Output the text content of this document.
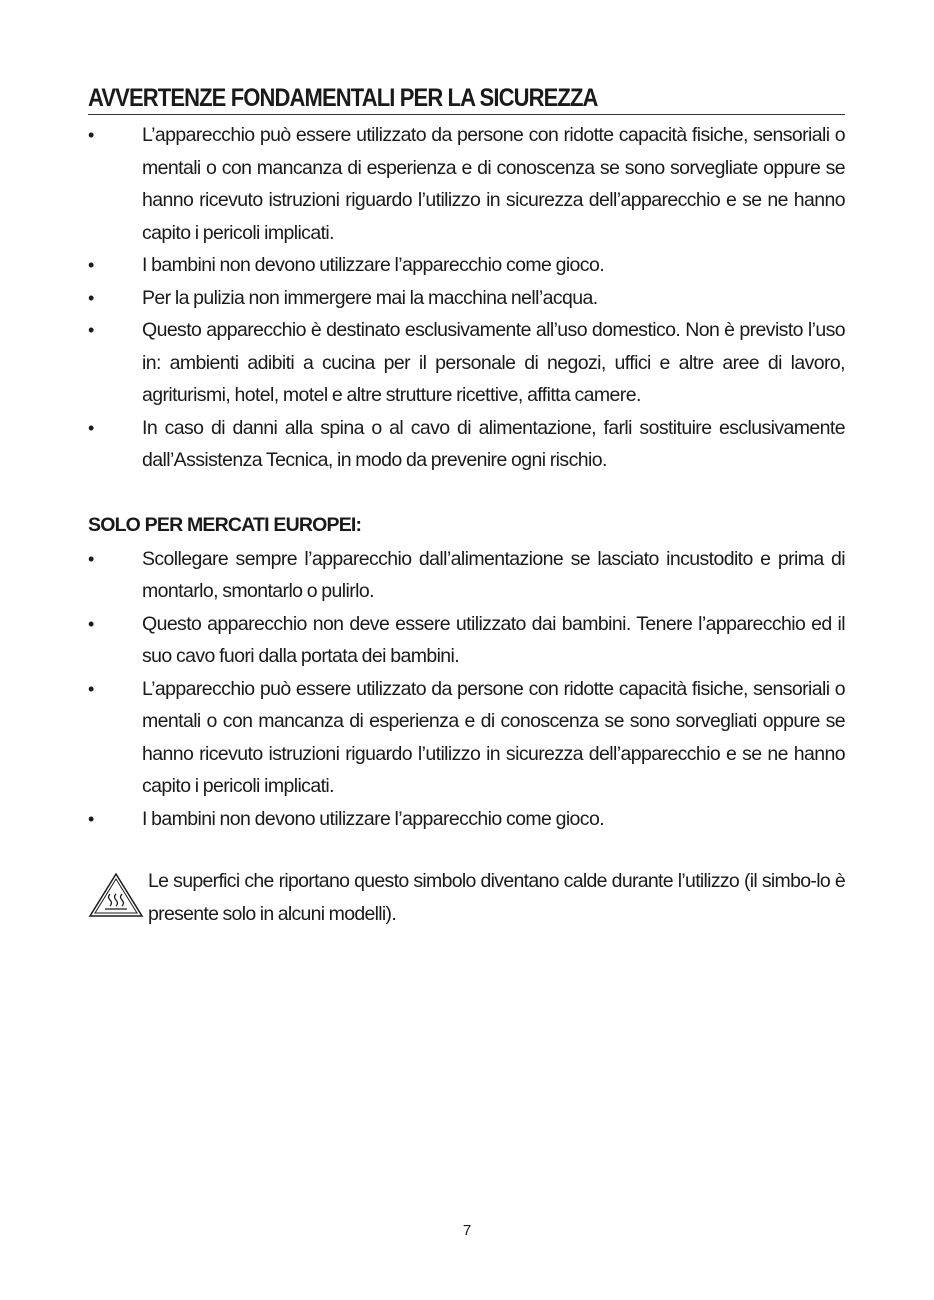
AVVERTENZE FONDAMENTALI PER LA SICUREZZA
• L’apparecchio può essere utilizzato da persone con ridotte capacità fisiche, sensoriali o mentali o con mancanza di esperienza e di conoscenza se sono sorvegliate oppure se hanno ricevuto istruzioni riguardo l’utilizzo in sicurezza dell’apparecchio e se ne hanno capito i pericoli implicati.
• I bambini non devono utilizzare l’apparecchio come gioco.
• Per la pulizia non immergere mai la macchina nell’acqua.
• Questo apparecchio è destinato esclusivamente all’uso domestico. Non è previsto l’uso in: ambienti adibiti a cucina per il personale di negozi, uffici e altre aree di lavoro, agriturismi, hotel, motel e altre strutture ricettive, affitta camere.
• In caso di danni alla spina o al cavo di alimentazione, farli sostituire esclusivamente dall’Assistenza Tecnica, in modo da prevenire ogni rischio.
SOLO PER MERCATI EUROPEI:
• Scollegare sempre l’apparecchio dall’alimentazione se lasciato incustodito e prima di montarlo, smontarlo o pulirlo.
• Questo apparecchio non deve essere utilizzato dai bambini. Tenere l’apparecchio ed il suo cavo fuori dalla portata dei bambini.
• L’apparecchio può essere utilizzato da persone con ridotte capacità fisiche, sensoriali o mentali o con mancanza di esperienza e di conoscenza se sono sorvegliati oppure se hanno ricevuto istruzioni riguardo l’utilizzo in sicurezza dell’apparecchio e se ne hanno capito i pericoli implicati.
• I bambini non devono utilizzare l’apparecchio come gioco.
Le superfici che riportano questo simbolo diventano calde durante l’utilizzo (il simbo-lo è presente solo in alcuni modelli).
7
